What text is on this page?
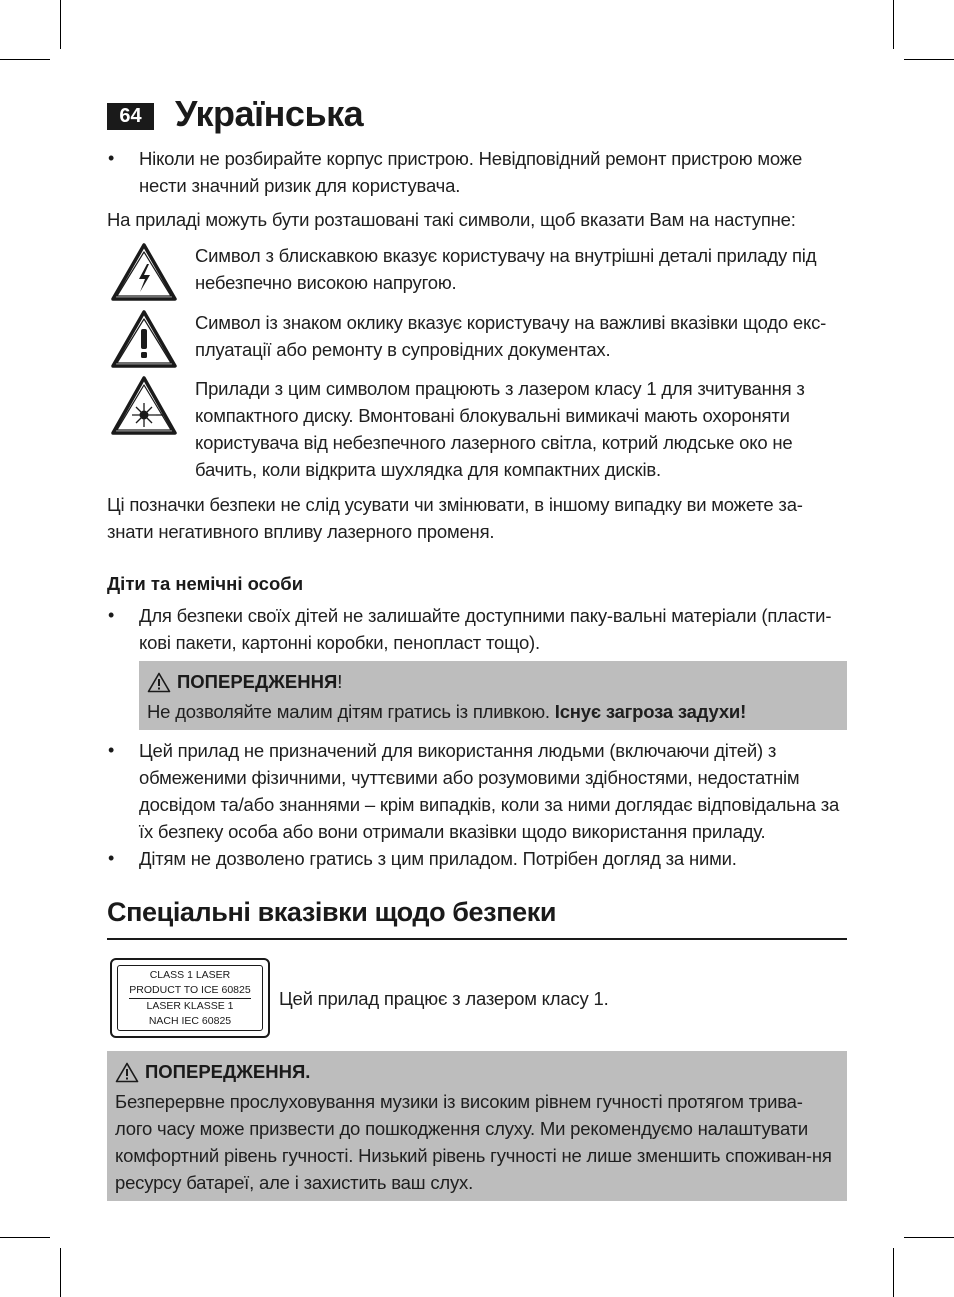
64 Українська
• Ніколи не розбирайте корпус пристрою. Невідповідний ремонт пристрою може нести значний ризик для користувача.
На приладі можуть бути розташовані такі символи, щоб вказати Вам на наступне:
Символ з блискавкою вказує користувачу на внутрішні деталі приладу під небезпечно високою напругою.
Символ із знаком оклику вказує користувачу на важливі вказівки щодо екс-плуатації або ремонту в супровідних документах.
Прилади з цим символом працюють з лазером класу 1 для зчитування з компактного диску. Вмонтовані блокувальні вимикачі мають охороняти користувача від небезпечного лазерного світла, котрий людське око не бачить, коли відкрита шухлядка для компактних дисків.
Ці позначки безпеки не слід усувати чи змінювати, в іншому випадку ви можете за-знати негативного впливу лазерного променя.
Діти та немічні особи
• Для безпеки своїх дітей не залишайте доступними паку-вальні матеріали (пласти-кові пакети, картонні коробки, пенопласт тощо).
ПОПЕРЕДЖЕННЯ!
Не дозволяйте малим дітям гратись із пливкою. Існує загроза задухи!
• Цей прилад не призначений для використання людьми (включаючи дітей) з обмеженими фізичними, чуттєвими або розумовими здібностями, недостатнім досвідом та/або знаннями – крім випадків, коли за ними доглядає відповідальна за їх безпеку особа або вони отримали вказівки щодо використання приладу.
• Дітям не дозволено гратись з цим приладом. Потрібен догляд за ними.
Спеціальні вказівки щодо безпеки
CLASS 1 LASER
PRODUCT TO ICE 60825
LASER KLASSE 1
NACH IEC 60825
Цей прилад працює з лазером класу 1.
ПОПЕРЕДЖЕННЯ.
Безперервне прослуховування музики із високим рівнем гучності протягом трива-лого часу може призвести до пошкодження слуху. Ми рекомендуємо налаштувати комфортний рівень гучності. Низький рівень гучності не лише зменшить споживан-ня ресурсу батареї, але і захистить ваш слух.
